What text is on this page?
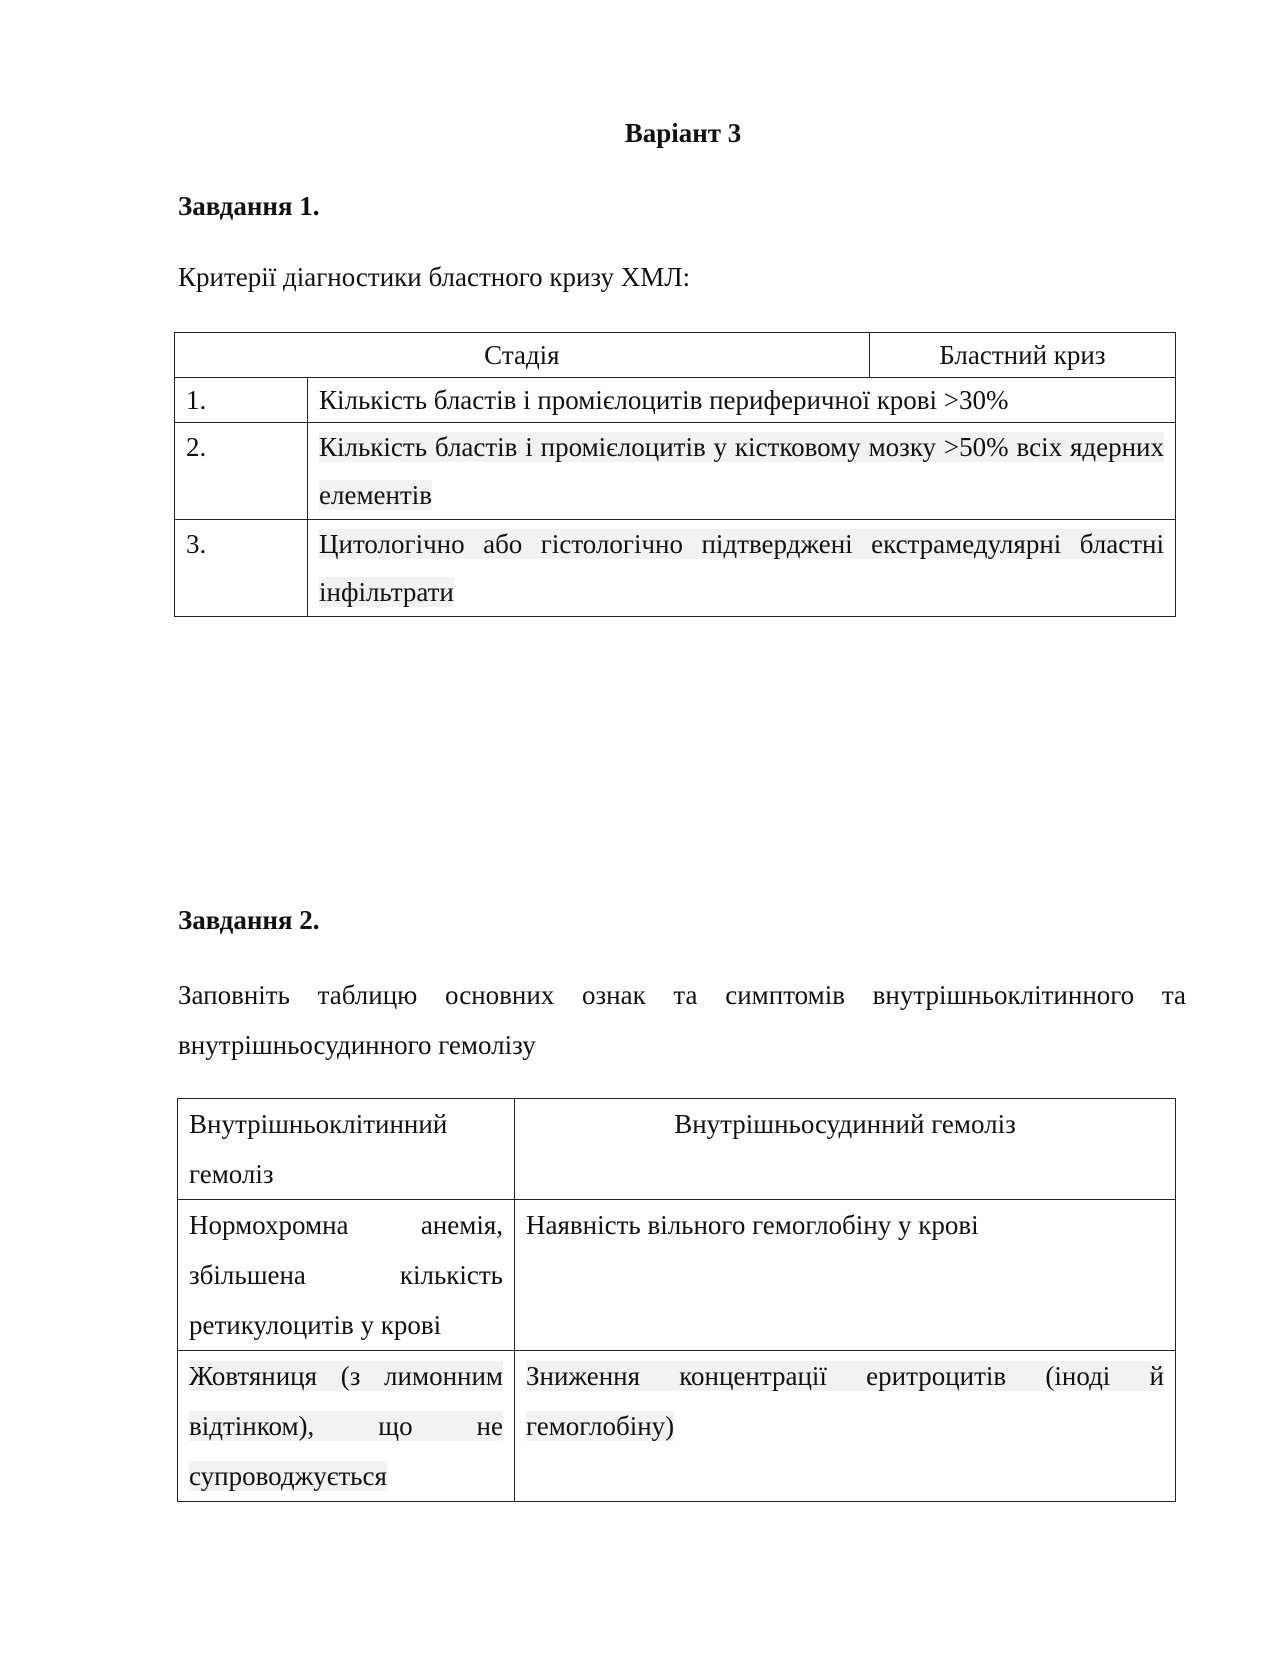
Варіант 3
Завдання 1.
Критерії діагностики бластного кризу ХМЛ:
Стадія		Бластний криз
1.	Кількість бластів і промієлоцитів периферичної крові >30%	
2.	Кількість бластів і промієлоцитів у кістковому мозку >50% всіх ядерних елементів	
3.	Цитологічно або гістологічно підтверджені екстрамедулярні бластні інфільтрати	
Завдання 2.
Заповніть таблицю основних ознак та симптомів внутрішньоклітинного та внутрішньосудинного гемолізу
Внутрішньоклітинний гемоліз	Внутрішньосудинний гемоліз
Нормохромна анемія, збільшена кількість ретикулоцитів у крові	Наявність вільного гемоглобіну у крові
Жовтяниця (з лимонним відтінком), що не супроводжується	Зниження концентрації еритроцитів (іноді й гемоглобіну)
